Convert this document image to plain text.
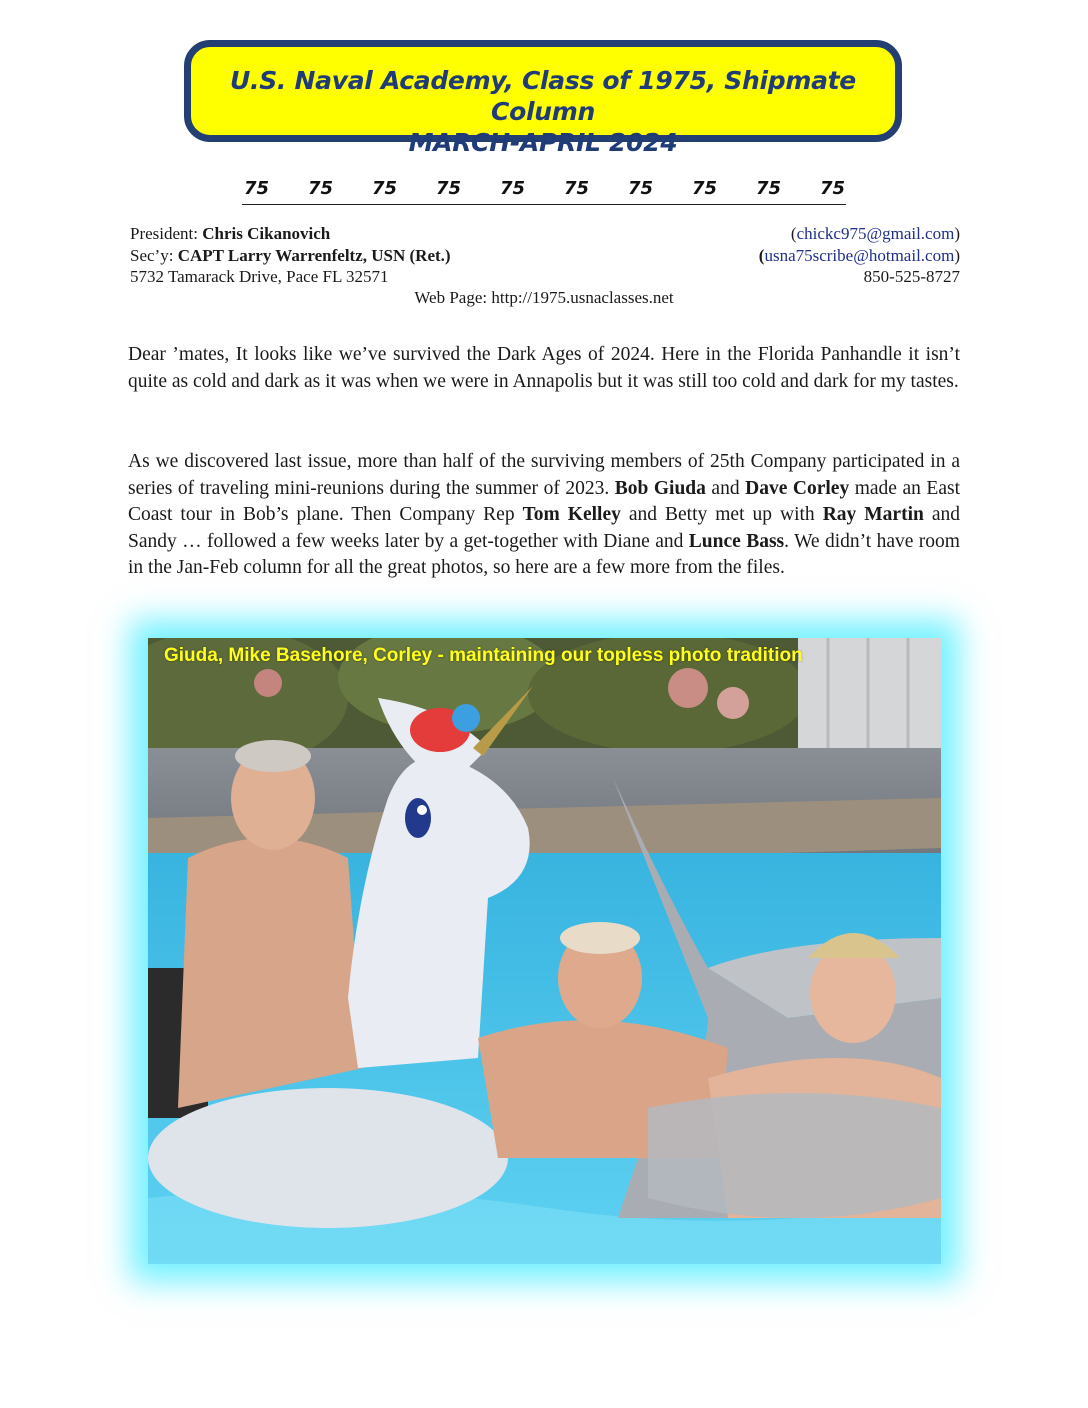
U.S. Naval Academy, Class of 1975, Shipmate Column
MARCH-APRIL 2024
75 75 75 75 75 75 75 75 75 75
President: Chris Cikanovich	(chickc975@gmail.com)
Sec’y: CAPT Larry Warrenfeltz, USN (Ret.)	(usna75scribe@hotmail.com)
5732 Tamarack Drive, Pace FL 32571	850-525-8727
Web Page: http://1975.usnaclasses.net

Dear ’mates, It looks like we’ve survived the Dark Ages of 2024. Here in the Florida Panhandle it isn’t quite as cold and dark as it was when we were in Annapolis but it was still too cold and dark for my tastes.

As we discovered last issue, more than half of the surviving members of 25th Company participated in a series of traveling mini-reunions during the summer of 2023. Bob Giuda and Dave Corley made an East Coast tour in Bob’s plane. Then Company Rep Tom Kelley and Betty met up with Ray Martin and Sandy … followed a few weeks later by a get-together with Diane and Lunce Bass. We didn’t have room in the Jan-Feb column for all the great photos, so here are a few more from the files.

Giuda, Mike Basehore, Corley - maintaining our topless photo tradition
